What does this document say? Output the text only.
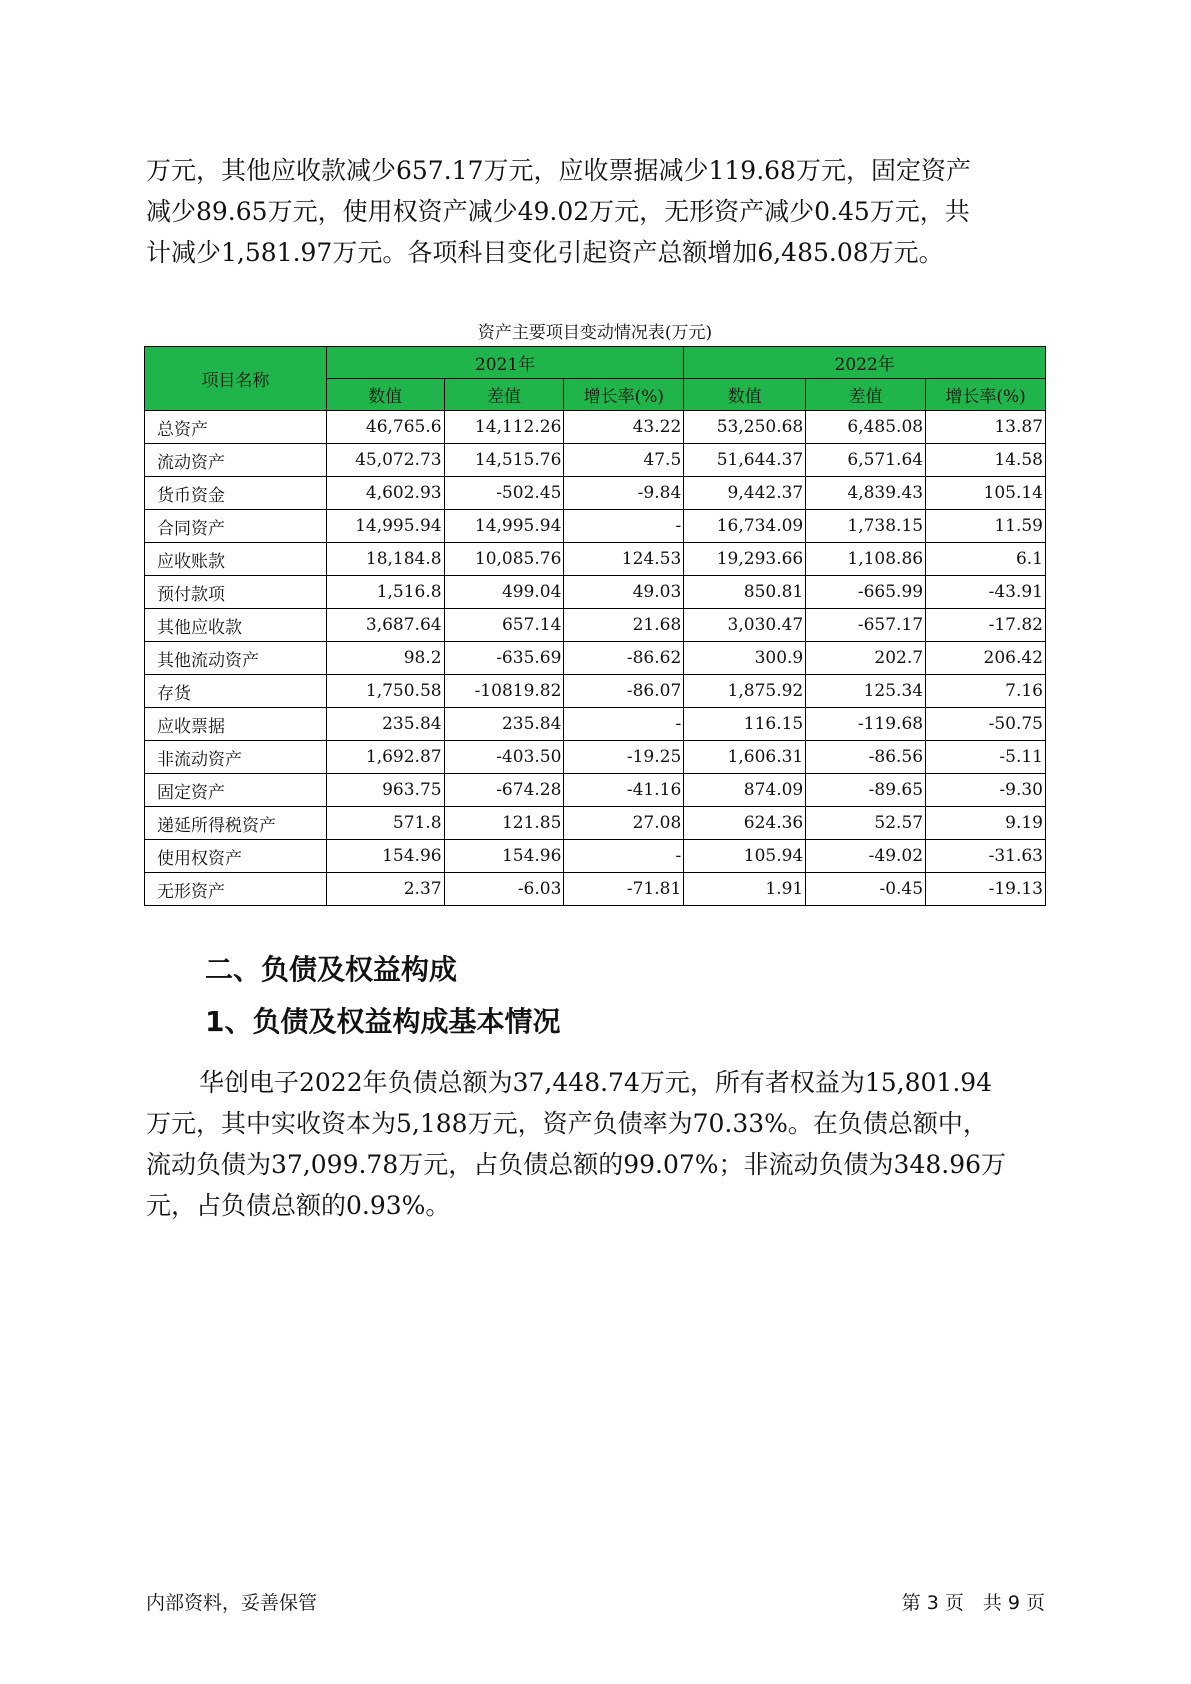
万元，其他应收款减少657.17万元，应收票据减少119.68万元，固定资产
减少89.65万元，使用权资产减少49.02万元，无形资产减少0.45万元，共
计减少1,581.97万元。各项科目变化引起资产总额增加6,485.08万元。

资产主要项目变动情况表(万元)
项目名称	2021年			2022年		
	数值	差值	增长率(%)	数值	差值	增长率(%)
总资产	46,765.6	14,112.26	43.22	53,250.68	6,485.08	13.87
流动资产	45,072.73	14,515.76	47.5	51,644.37	6,571.64	14.58
货币资金	4,602.93	-502.45	-9.84	9,442.37	4,839.43	105.14
合同资产	14,995.94	14,995.94	-	16,734.09	1,738.15	11.59
应收账款	18,184.8	10,085.76	124.53	19,293.66	1,108.86	6.1
预付款项	1,516.8	499.04	49.03	850.81	-665.99	-43.91
其他应收款	3,687.64	657.14	21.68	3,030.47	-657.17	-17.82
其他流动资产	98.2	-635.69	-86.62	300.9	202.7	206.42
存货	1,750.58	-10819.82	-86.07	1,875.92	125.34	7.16
应收票据	235.84	235.84	-	116.15	-119.68	-50.75
非流动资产	1,692.87	-403.50	-19.25	1,606.31	-86.56	-5.11
固定资产	963.75	-674.28	-41.16	874.09	-89.65	-9.30
递延所得税资产	571.8	121.85	27.08	624.36	52.57	9.19
使用权资产	154.96	154.96	-	105.94	-49.02	-31.63
无形资产	2.37	-6.03	-71.81	1.91	-0.45	-19.13
二、负债及权益构成
1、负债及权益构成基本情况

华创电子2022年负债总额为37,448.74万元，所有者权益为15,801.94
万元，其中实收资本为5,188万元，资产负债率为70.33%。在负债总额中，
流动负债为37,099.78万元，占负债总额的99.07%；非流动负债为348.96万
元，占负债总额的0.93%。

内部资料，妥善保管	第 3 页　共 9 页
